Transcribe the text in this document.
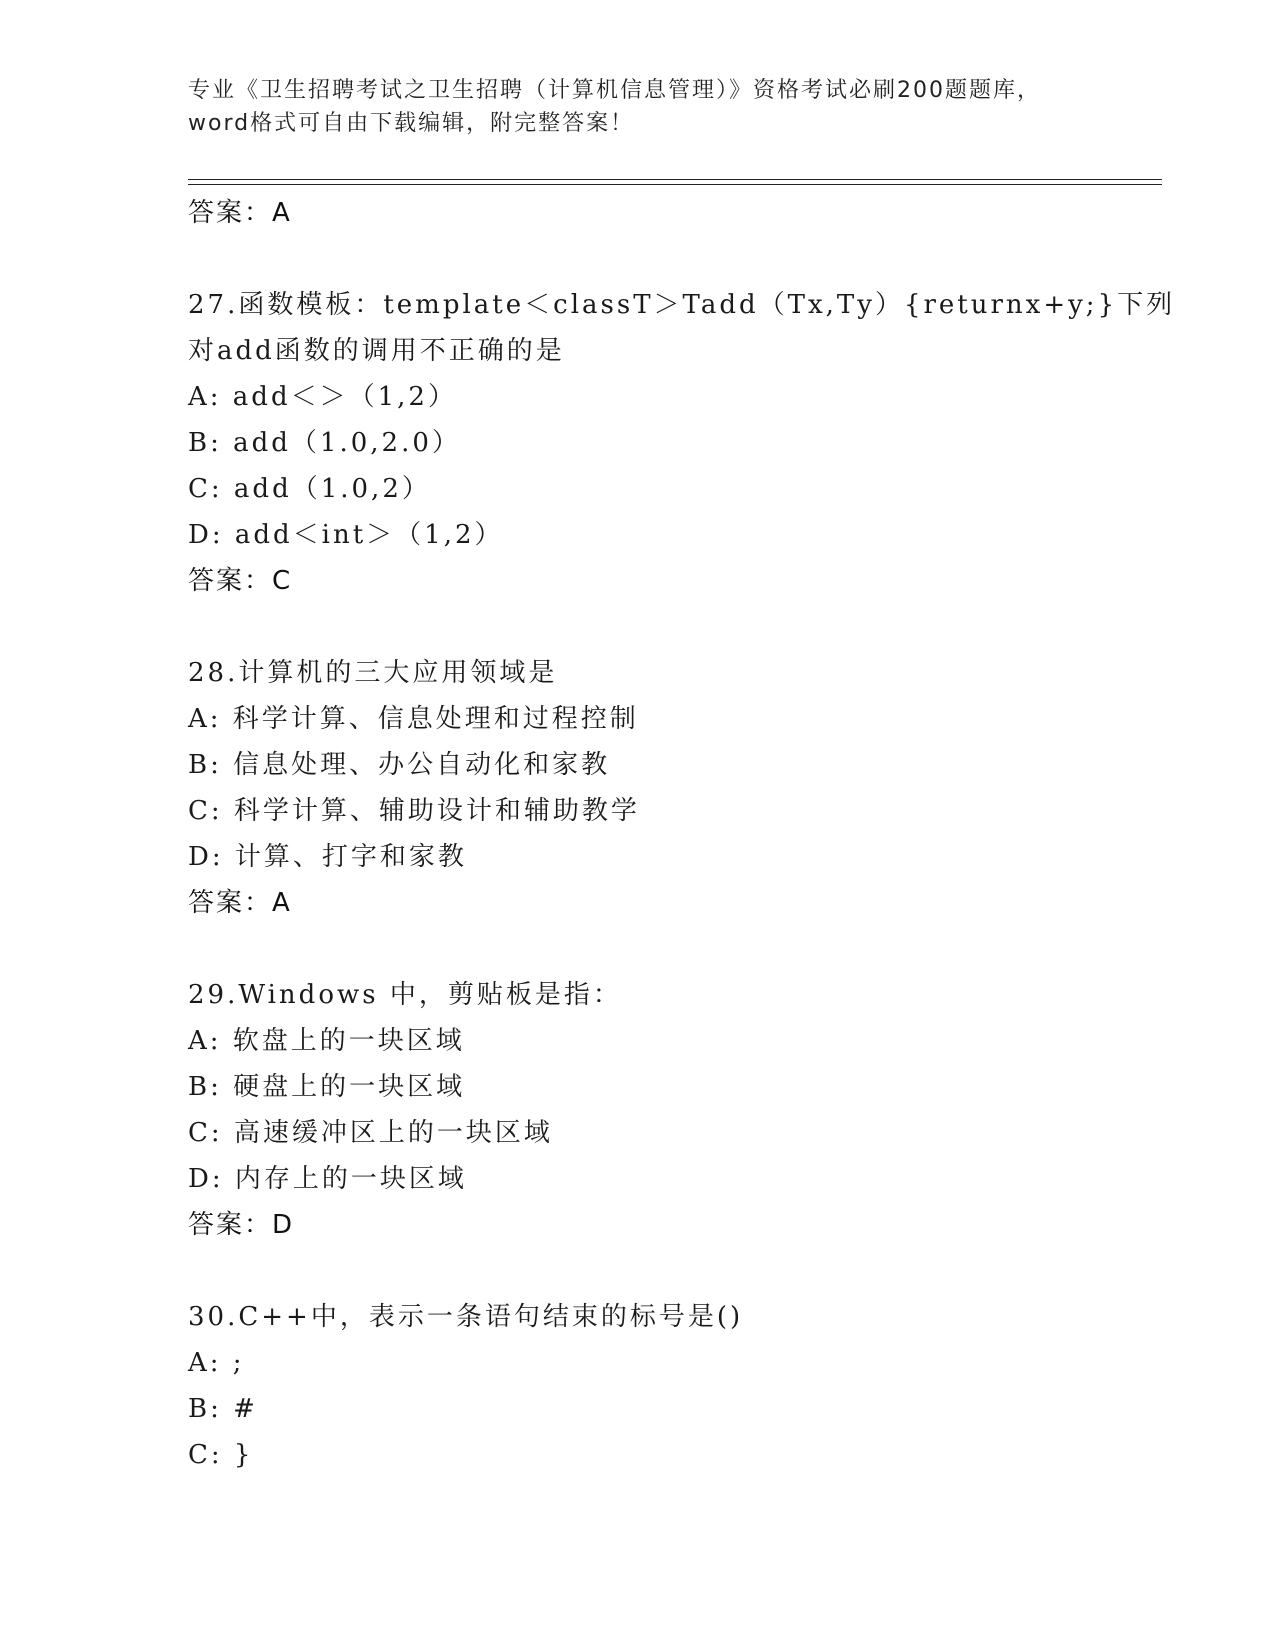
专业《卫生招聘考试之卫生招聘（计算机信息管理）》资格考试必刷200题题库，
word格式可自由下载编辑，附完整答案！
答案：A
27.函数模板：template＜classT＞Tadd（Tx,Ty）{returnx+y;}下列
对add函数的调用不正确的是
A: add＜＞（1,2）
B: add（1.0,2.0）
C: add（1.0,2）
D: add＜int＞（1,2）
答案：C
28.计算机的三大应用领域是
A: 科学计算、信息处理和过程控制
B: 信息处理、办公自动化和家教
C: 科学计算、辅助设计和辅助教学
D: 计算、打字和家教
答案：A
29.Windows 中，剪贴板是指：
A: 软盘上的一块区域
B: 硬盘上的一块区域
C: 高速缓冲区上的一块区域
D: 内存上的一块区域
答案：D
30.C++中，表示一条语句结束的标号是()
A: ;
B: #
C: }
